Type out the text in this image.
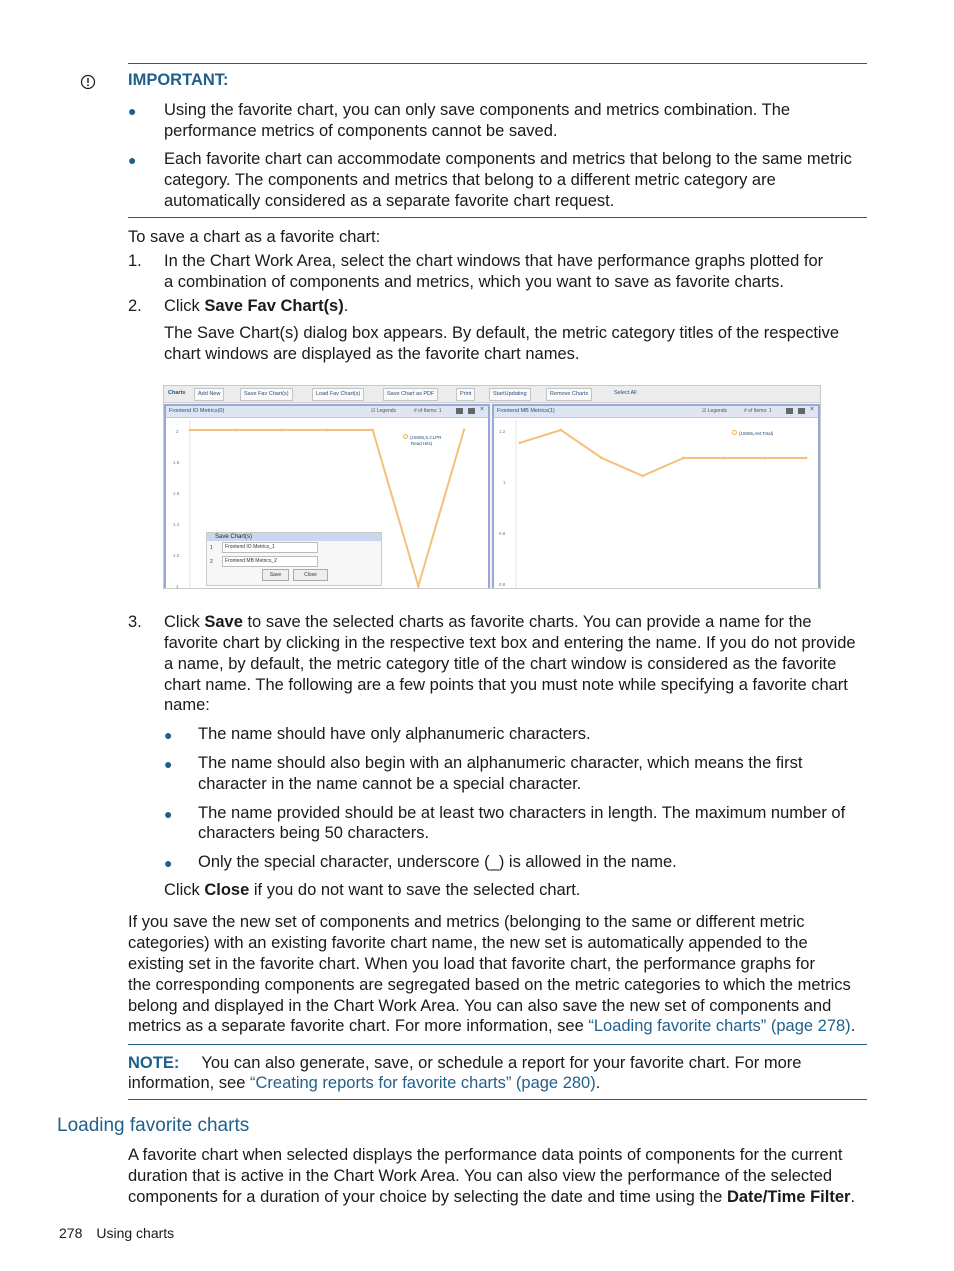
IMPORTANT:
● Using the favorite chart, you can only save components and metrics combination. The
performance metrics of components cannot be saved.
● Each favorite chart can accommodate components and metrics that belong to the same metric
category. The components and metrics that belong to a different metric category are
automatically considered as a separate favorite chart request.
To save a chart as a favorite chart:
1. In the Chart Work Area, select the chart windows that have performance graphs plotted for
a combination of components and metrics, which you want to save as favorite charts.
2. Click Save Fav Chart(s).
The Save Chart(s) dialog box appears. By default, the metric category titles of the respective
chart windows are displayed as the favorite chart names.
Charts	Add New	Save Fav Chart(s)	Load Fav Chart(s)	Save Chart as PDF	Print	StartUpdating	Remove Charts	Select All
Frontend IO Metrics(0)	☑ Legends	# of Items: 1	×
2
1.8
1.6
1.4
1.2
1
(15055,S,CLPR
Read Hits)
Save Chart(s)
1	Frontend IO Metrics_1
2	Frontend MB Metrics_2
Save	Close
Frontend MB Metrics(1)	☑ Legends	# of Items: 1	×
1.2
1
0.8
0.8
(15055,AM,Total)
3. Click Save to save the selected charts as favorite charts. You can provide a name for the
favorite chart by clicking in the respective text box and entering the name. If you do not provide
a name, by default, the metric category title of the chart window is considered as the favorite
chart name. The following are a few points that you must note while specifying a favorite chart
name:
● The name should have only alphanumeric characters.
● The name should also begin with an alphanumeric character, which means the first
character in the name cannot be a special character.
● The name provided should be at least two characters in length. The maximum number of
characters being 50 characters.
● Only the special character, underscore (_) is allowed in the name.
Click Close if you do not want to save the selected chart.
If you save the new set of components and metrics (belonging to the same or different metric
categories) with an existing favorite chart name, the new set is automatically appended to the
existing set in the favorite chart. When you load that favorite chart, the performance graphs for
the corresponding components are segregated based on the metric categories to which the metrics
belong and displayed in the Chart Work Area. You can also save the new set of components and
metrics as a separate favorite chart. For more information, see “Loading favorite charts” (page 278).
NOTE: You can also generate, save, or schedule a report for your favorite chart. For more
information, see “Creating reports for favorite charts” (page 280).
Loading favorite charts
A favorite chart when selected displays the performance data points of components for the current
duration that is active in the Chart Work Area. You can also view the performance of the selected
components for a duration of your choice by selecting the date and time using the Date/Time Filter.
278 Using charts
